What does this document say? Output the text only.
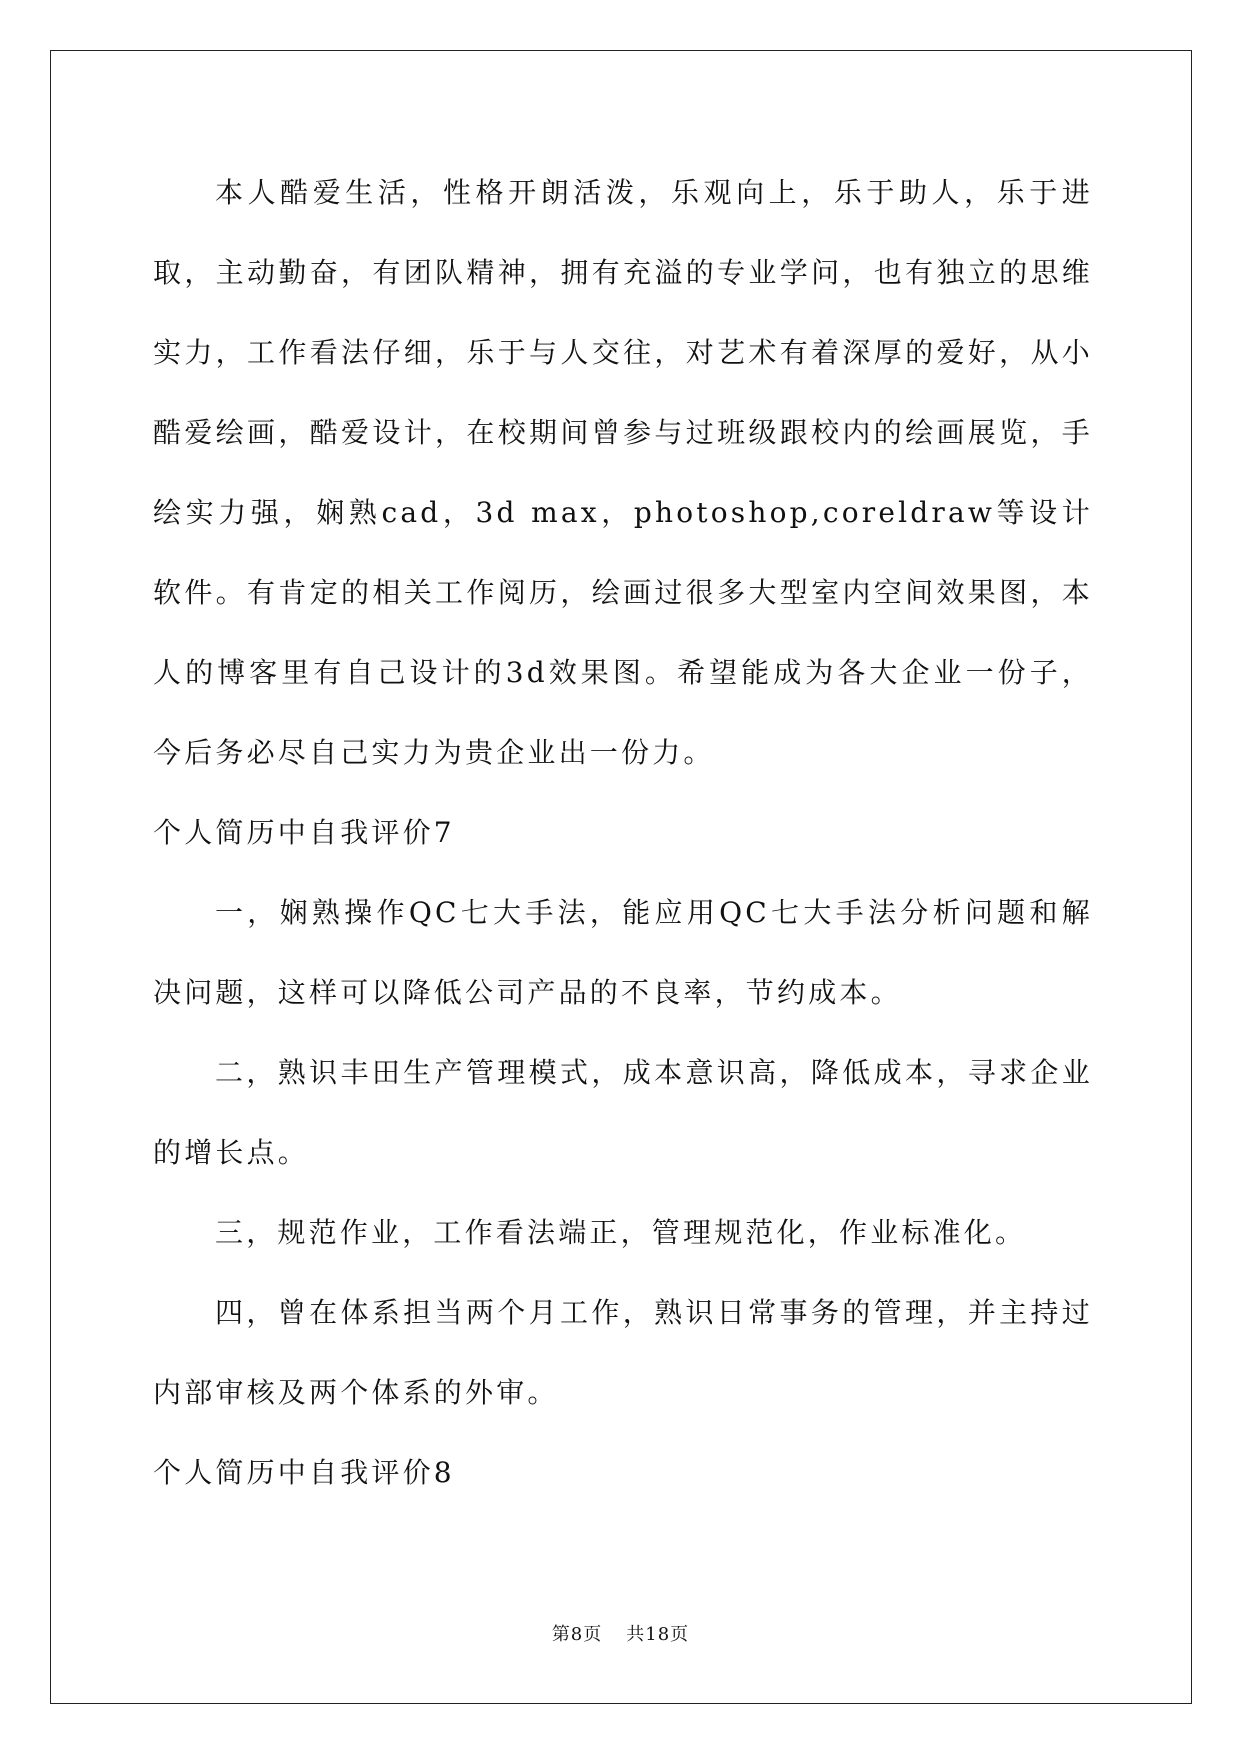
本人酷爱生活，性格开朗活泼，乐观向上，乐于助人，乐于进取，主动勤奋，有团队精神，拥有充溢的专业学问，也有独立的思维实力，工作看法仔细，乐于与人交往，对艺术有着深厚的爱好，从小酷爱绘画，酷爱设计，在校期间曾参与过班级跟校内的绘画展览，手绘实力强，娴熟cad，3d max，photoshop,coreldraw等设计软件。有肯定的相关工作阅历，绘画过很多大型室内空间效果图，本人的博客里有自己设计的3d效果图。希望能成为各大企业一份子，今后务必尽自己实力为贵企业出一份力。

个人简历中自我评价7

一，娴熟操作QC七大手法，能应用QC七大手法分析问题和解决问题，这样可以降低公司产品的不良率，节约成本。

二，熟识丰田生产管理模式，成本意识高，降低成本，寻求企业的增长点。

三，规范作业，工作看法端正，管理规范化，作业标准化。

四，曾在体系担当两个月工作，熟识日常事务的管理，并主持过内部审核及两个体系的外审。

个人简历中自我评价8

第8页 共18页
